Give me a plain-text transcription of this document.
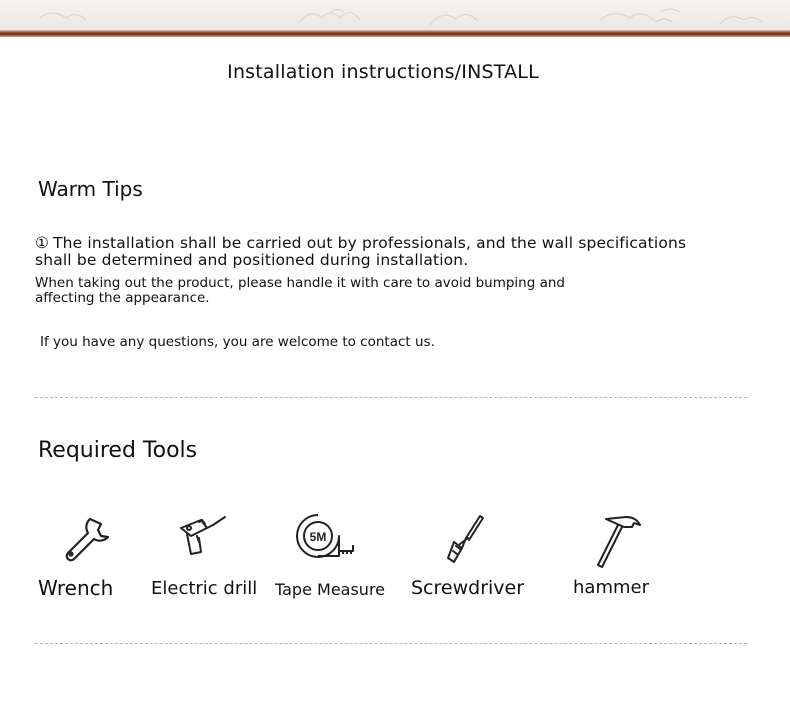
Installation instructions/INSTALL
Warm Tips
① The installation shall be carried out by professionals, and the wall specifications
shall be determined and positioned during installation.
When taking out the product, please handle it with care to avoid bumping and
affecting the appearance.
If you have any questions, you are welcome to contact us.
Required Tools
Wrench Electric drill
5M
Tape Measure Screwdriver	hammer
